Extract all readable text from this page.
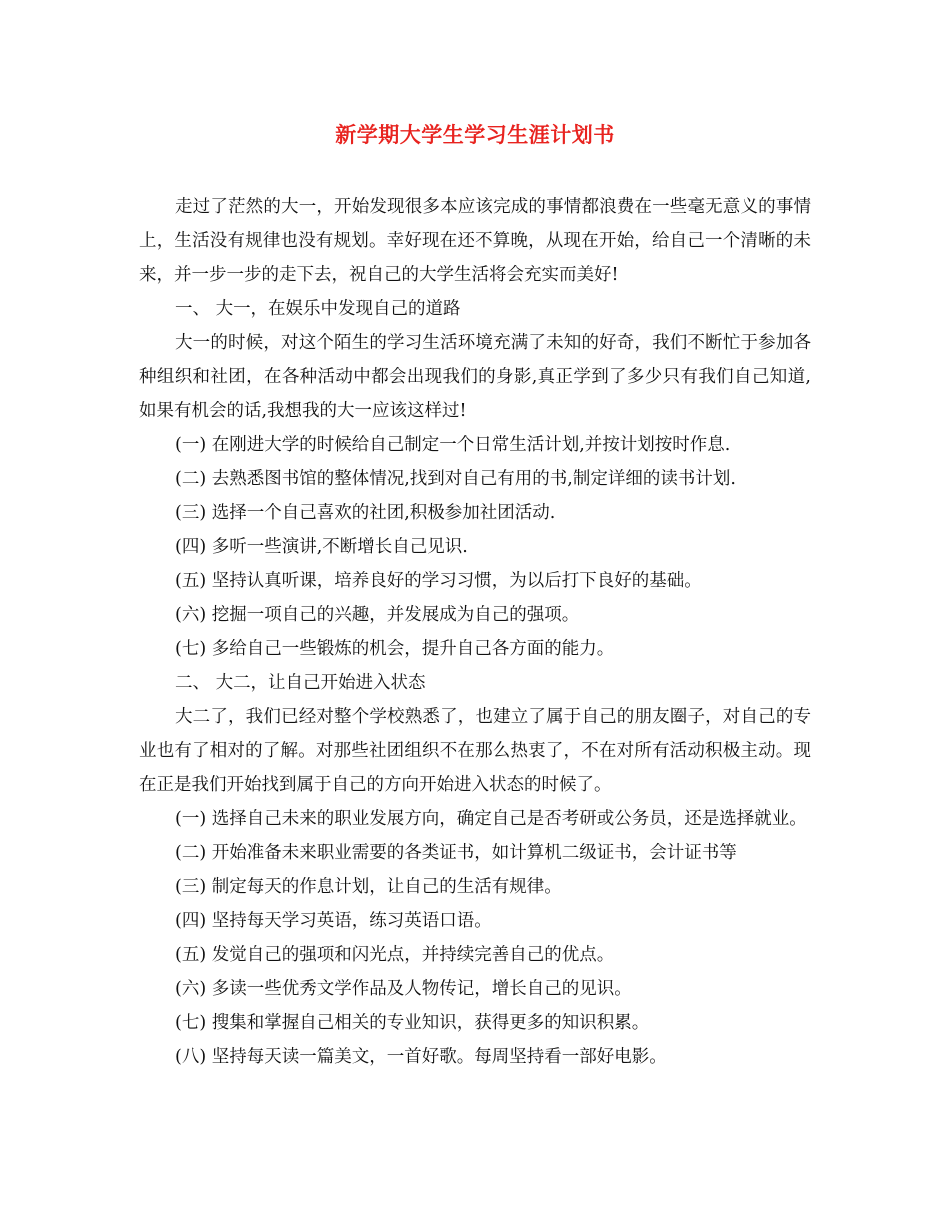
新学期大学生学习生涯计划书

走过了茫然的大一，开始发现很多本应该完成的事情都浪费在一些毫无意义的事情上，生活没有规律也没有规划。幸好现在还不算晚，从现在开始，给自己一个清晰的未来，并一步一步的走下去，祝自己的大学生活将会充实而美好!

一、 大一，在娱乐中发现自己的道路

大一的时候，对这个陌生的学习生活环境充满了未知的好奇，我们不断忙于参加各种组织和社团，在各种活动中都会出现我们的身影,真正学到了多少只有我们自己知道,如果有机会的话,我想我的大一应该这样过!

(一) 在刚进大学的时候给自己制定一个日常生活计划,并按计划按时作息.

(二) 去熟悉图书馆的整体情况,找到对自己有用的书,制定详细的读书计划.

(三) 选择一个自己喜欢的社团,积极参加社团活动.

(四) 多听一些演讲,不断增长自己见识.

(五) 坚持认真听课，培养良好的学习习惯，为以后打下良好的基础。

(六) 挖掘一项自己的兴趣，并发展成为自己的强项。

(七) 多给自己一些锻炼的机会，提升自己各方面的能力。

二、 大二，让自己开始进入状态

大二了，我们已经对整个学校熟悉了，也建立了属于自己的朋友圈子，对自己的专业也有了相对的了解。对那些社团组织不在那么热衷了，不在对所有活动积极主动。现在正是我们开始找到属于自己的方向开始进入状态的时候了。

(一) 选择自己未来的职业发展方向，确定自己是否考研或公务员，还是选择就业。

(二) 开始准备未来职业需要的各类证书，如计算机二级证书，会计证书等

(三) 制定每天的作息计划，让自己的生活有规律。

(四) 坚持每天学习英语，练习英语口语。

(五) 发觉自己的强项和闪光点，并持续完善自己的优点。

(六) 多读一些优秀文学作品及人物传记，增长自己的见识。

(七) 搜集和掌握自己相关的专业知识，获得更多的知识积累。

(八) 坚持每天读一篇美文，一首好歌。每周坚持看一部好电影。
